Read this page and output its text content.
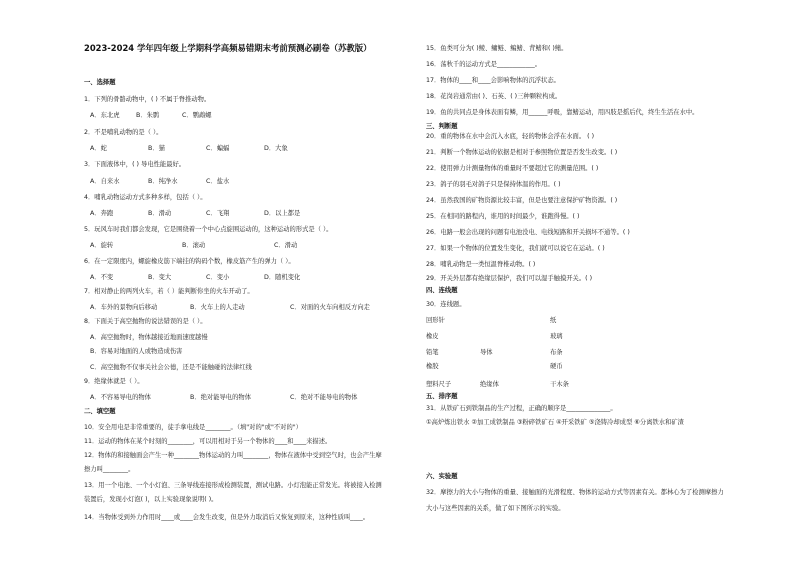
2023-2024 学年四年级上学期科学高频易错期末考前预测必刷卷（苏教版）
一、选择题
1．下列的骨骼动物中，( ) 不属于脊推动物。
A．东北虎	B．朱鹮	C．鹦鹉螺
2．不是哺乳动物的是（ ）。
A．蛇	B．猫	C．蝙蝠	D．大象
3．下面液体中，( ) 导电性能最好。
A．自来水	B．纯净水	C．盐水
4．哺乳动物运动方式多种多样，包括（ ）。
A．奔跑	B．滑动	C．飞翔	D．以上都是
5．玩风车时我们都会发现，它是围绕着一个中心点旋围运动的，这种运动的形式是（ ）。
A．旋转	B．滚动	C．滑动
6．在一定限度内，螺旋橡皮筋下端挂的钩码个数，橡皮筋产生的弹力（ ）。
A．不变	B．变大	C．变小	D．随机变化
7．相对静止的两列火车，若（ ）能判断你坐的火车开动了。
A．车外的景物向后移动	B．火车上的人走动	C．对面的火车向相反方向走
8．下面关于高空抛物的说法错误的是（ ）。
A．高空抛物时，物体越接近地面速度越慢
B．容易对地面的人或物造成伤害
C．高空抛物不仅事关社会公德，还是不能触碰的法律红线
9．绝缘体就是（ ）。
A．不容易导电的物体	B．绝对能导电的物体	C．绝对不能导电的物体
二、填空题
10．安全用电是非常重要的，徒手拿电线是________。（填"对的"或"不对的"）
11．运动的物体在某个时刻的________，可以用相对于另一个物体的____和____来描述。
12．物体的和接触面会产生一种________物体运动的力叫________，物体在液体中受到空气时，也会产生摩
擦力叫________。
13．用一个电池、一个小灯泡、三条导线连接形成检测装置，测试电路。小灯泡能正常发光。将被接入检测
装置后，发现小灯泡( )，以上实验现象说明( )。
14．当物体受到外力作用时____或____会发生改变，但是外力取消后又恢复到原来，这种性质叫____。
15．鱼类可分为( )鲮、鳙鲢、鳊鳍、背鳍和( )鳍。
16．荡秋千的运动方式是____________。
17．物体的____和____会影响物体的沉浮状态。
18．花岗岩通常由( )、石英、( )三种颗粒构成。
19．鱼的共同点是身体表面有鳞，用______呼吸，靠鳍运动，用四肢是摇后代，终生生活在水中。
三、判断题
20．重的物体在水中会沉入水底，轻的物体会浮在水面。 ( )
21．判断一个物体运动的依据是相对于参照物位置是否发生改变。( )
22．使用弹力计测量物体的重量时不要超过它的测量范围。( )
23．鸽子的羽毛对鸽子只是保持体温的作用。( )
24．虽然我国的矿物资源比较丰富，但是也要注意保护矿物资源。( )
25．在相同的路程内，谁用的时间最少，谁跑得慢。( )
26．电路一般会出现的问题有电池没电、电线短路和开关损坏不通等。( )
27．如果一个物体的位置发生变化，我们就可以说它在运动。( )
28．哺乳动物是一类恒温脊椎动物。( )
29．开关外层都有绝缘层保护，我们可以湿手触摸开关。( )
四、连线题
30．连线题。
回形针	纸
橡皮	玻璃
铅笔	导体	布条
橡胶	硬币
塑料尺子	绝缘体	干木条
五、排序题
31．从铁矿石到铁制品的生产过程，正确的顺序是______________。
①高炉炼出铁水 ②加工成铁制品 ③粉碎铁矿石 ④开采铁矿 ⑤浇铸冷却成型 ⑥分离铁水和矿渣
六、实验题
32．摩擦力的大小与物体的重量、接触面的光滑程度、物体的运动方式等因素有关。都林心为了检测摩擦力
大小与这些因素的关系，做了如下图所示的实验。
